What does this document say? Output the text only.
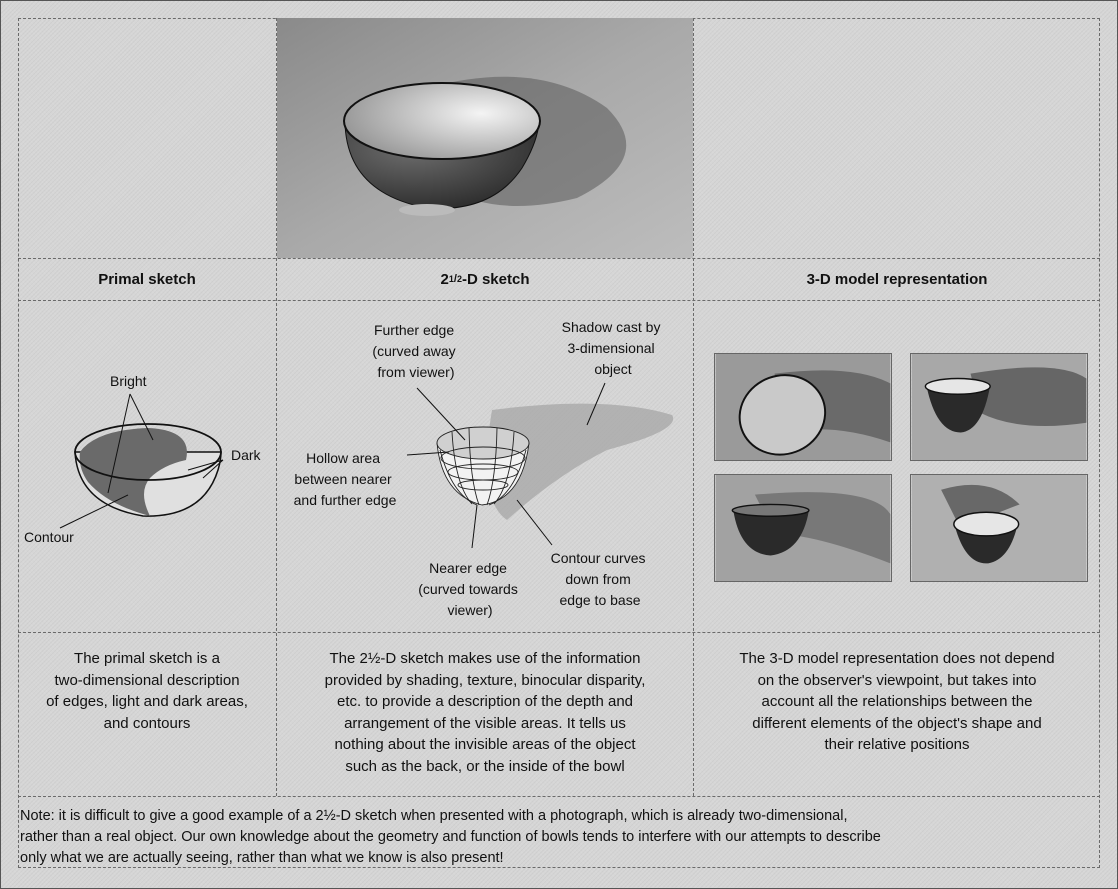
Primal sketch	2 1 / 2 -D sketch	3-D model representation
Bright
Dark
Contour
Further edge (curved away from viewer)
Shadow cast by 3-dimensional object
Hollow area between nearer and further edge
Nearer edge (curved towards viewer)
Contour curves down from edge to base
The primal sketch is a
two-dimensional description
of edges, light and dark areas,
and contours
The 2½-D sketch makes use of the information
provided by shading, texture, binocular disparity,
etc. to provide a description of the depth and
arrangement of the visible areas. It tells us
nothing about the invisible areas of the object
such as the back, or the inside of the bowl
The 3-D model representation does not depend
on the observer's viewpoint, but takes into
account all the relationships between the
different elements of the object's shape and
their relative positions
Note: it is difficult to give a good example of a 2½-D sketch when presented with a photograph, which is already two-dimensional,
rather than a real object. Our own knowledge about the geometry and function of bowls tends to interfere with our attempts to describe
only what we are actually seeing, rather than what we know is also present!
